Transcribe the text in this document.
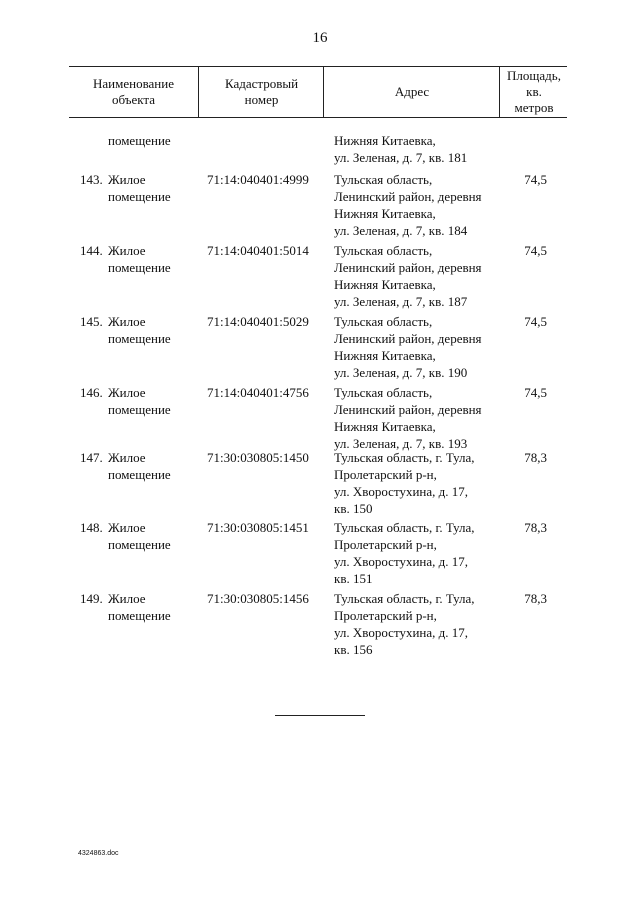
16
Наименование
объекта
Кадастровый
номер
Адрес
Площадь,
кв.
метров
помещение	Нижняя Китаевка,
ул. Зеленая, д. 7, кв. 181
143. Жилое
помещение
71:14:040401:4999 Тульская область,
Ленинский район, деревня
Нижняя Китаевка,
ул. Зеленая, д. 7, кв. 184
74,5
144. Жилое
помещение
71:14:040401:5014 Тульская область,
Ленинский район, деревня
Нижняя Китаевка,
ул. Зеленая, д. 7, кв. 187
74,5
145. Жилое
помещение
71:14:040401:5029 Тульская область,
Ленинский район, деревня
Нижняя Китаевка,
ул. Зеленая, д. 7, кв. 190
74,5
146. Жилое
помещение
71:14:040401:4756 Тульская область,
Ленинский район, деревня
Нижняя Китаевка,
ул. Зеленая, д. 7, кв. 193
74,5
147. Жилое
помещение
71:30:030805:1450 Тульская область, г. Тула,
Пролетарский р-н,
ул. Хворостухина, д. 17,
кв. 150
78,3
148. Жилое
помещение
71:30:030805:1451 Тульская область, г. Тула,
Пролетарский р-н,
ул. Хворостухина, д. 17,
кв. 151
78,3
149. Жилое
помещение
71:30:030805:1456 Тульская область, г. Тула,
Пролетарский р-н,
ул. Хворостухина, д. 17,
кв. 156
78,3
4324863.doc
